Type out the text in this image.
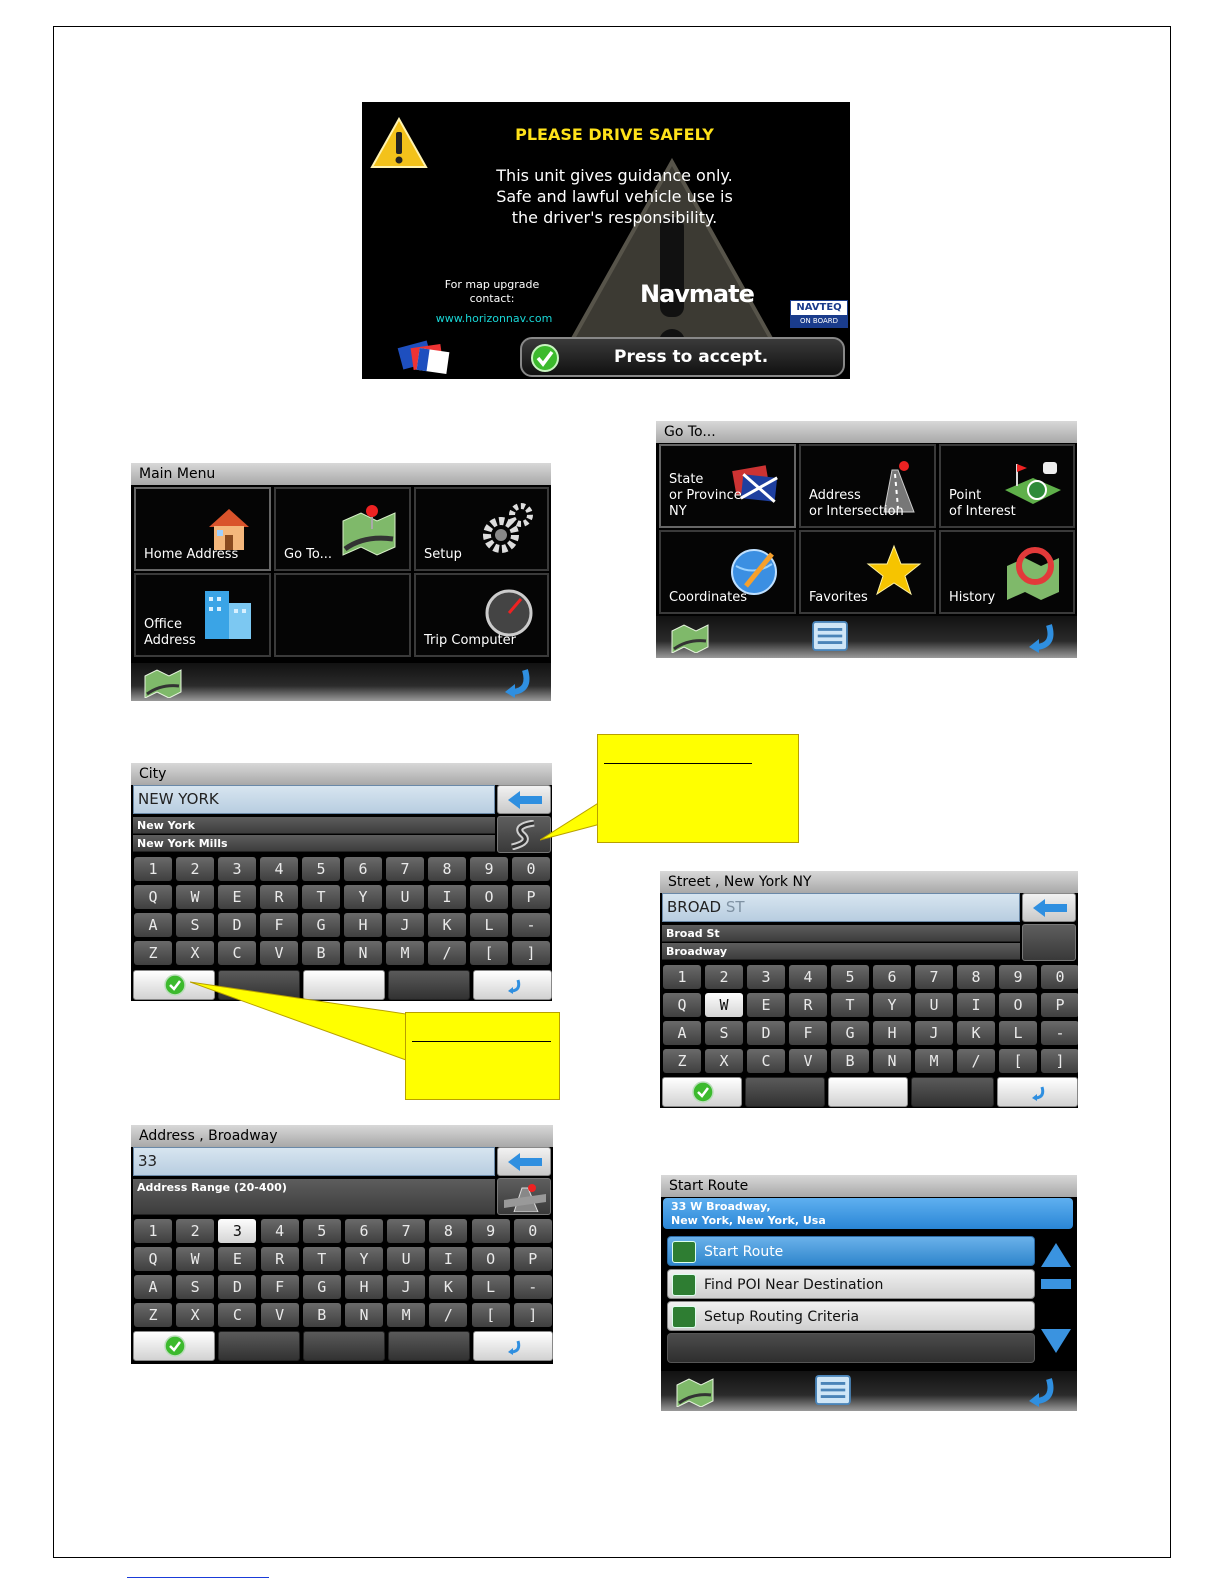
PLEASE DRIVE SAFELY
This unit gives guidance only.
Safe and lawful vehicle use is
the driver's responsibility.
For map upgrade
contact:
www.horizonnav.com
Navmate	NAVTEQ
ON BOARD
Press to accept.
Main Menu
Home Address	Go To...	Setup
Office
Address	Trip Computer
Go To...
State
or Province
NY
Address
or Intersection
Point
of Interest
Coordinates	Favorites	History
City
NEW YORK
New York
New York Mills
1	2	3	4	5	6	7	8	9	0
Q	W	E	R	T	Y	U	I	O	P
A	S	D	F	G	H	J	K	L	-
Z	X	C	V	B	N	M	/	[	]
Street , New York NY
BROAD ST
Broad St
Broadway
1	2	3	4	5	6	7	8	9	0
Q	W	E	R	T	Y	U	I	O	P
A	S	D	F	G	H	J	K	L	-
Z	X	C	V	B	N	M	/	[	]
Address , Broadway
33
Address Range (20-400)
1	2	3	4	5	6	7	8	9	0
Q	W	E	R	T	Y	U	I	O	P
A	S	D	F	G	H	J	K	L	-
Z	X	C	V	B	N	M	/	[	]
Start Route
33 W Broadway,
New York, New York, Usa
Start Route
Find POI Near Destination
Setup Routing Criteria
